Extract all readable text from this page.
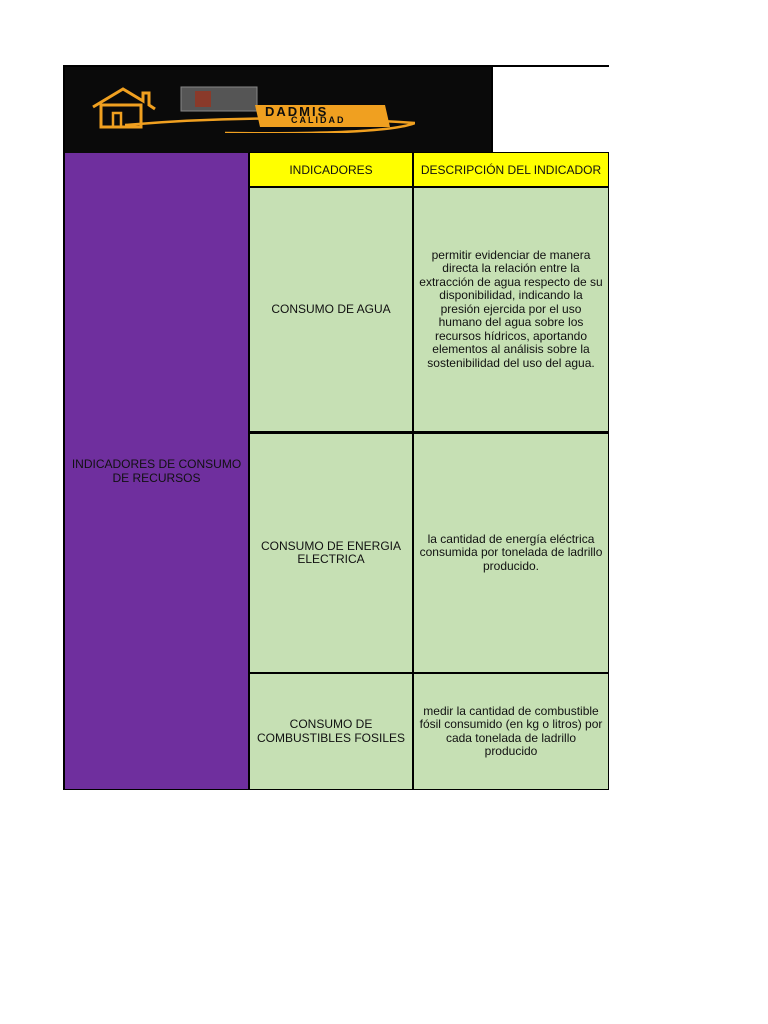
DADMIS
CALIDAD
INDICADORES DE CONSUMO DE RECURSOS
INDICADORES	DESCRIPCIÓN DEL INDICADOR
CONSUMO DE AGUA
permitir evidenciar de manera directa la relación entre la extracción de agua respecto de su disponibilidad, indicando la presión ejercida por el uso humano del agua sobre los recursos hídricos, aportando elementos al análisis sobre la sostenibilidad del uso del agua.
CONSUMO DE ENERGIA ELECTRICA
la cantidad de energía eléctrica consumida por tonelada de ladrillo producido.
CONSUMO DE COMBUSTIBLES FOSILES
medir la cantidad de combustible fósil consumido (en kg o litros) por cada tonelada de ladrillo producido
